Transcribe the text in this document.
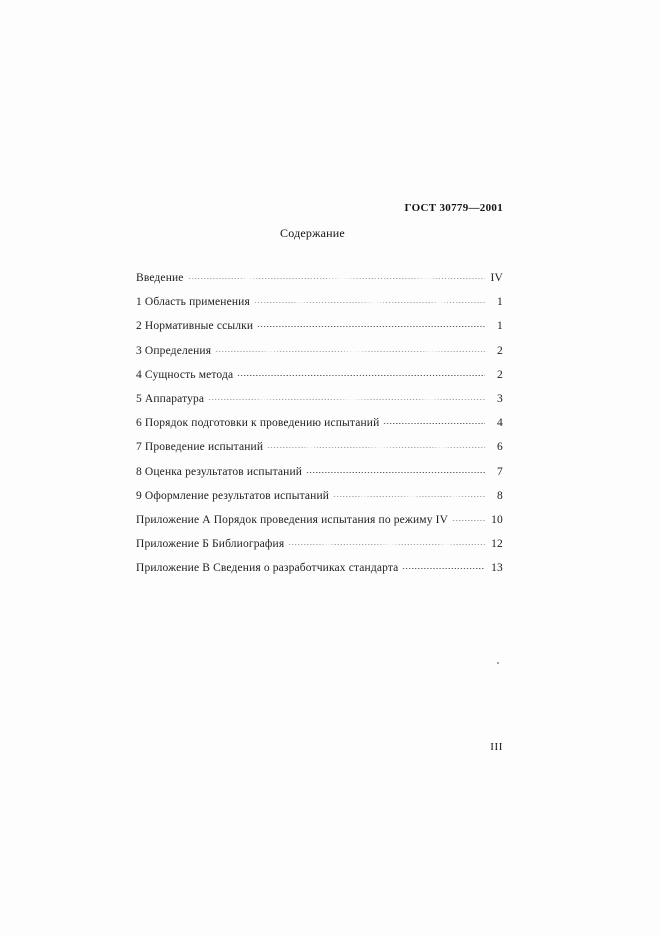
ГОСТ 30779—2001
Содержание
Введение	IV
1 Область применения	1
2 Нормативные ссылки	1
3 Определения	2
4 Сущность метода	2
5 Аппаратура	3
6 Порядок подготовки к проведению испытаний	4
7 Проведение испытаний	6
8 Оценка результатов испытаний	7
9 Оформление результатов испытаний	8
Приложение А Порядок проведения испытания по режиму IV	10
Приложение Б Библиография	12
Приложение В Сведения о разработчиках стандарта	13
III
